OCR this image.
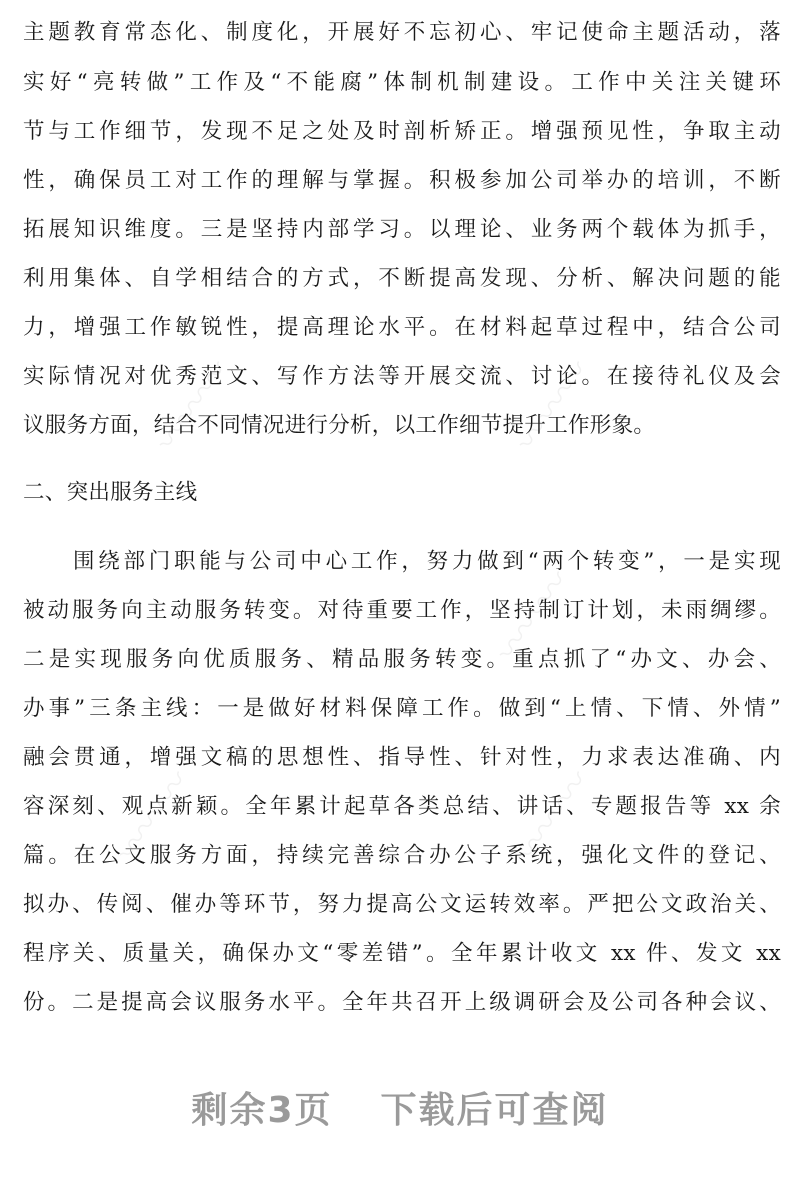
〰〰〰	〰〰〰
〰〰〰
〰〰〰	〰〰〰
主题教育常态化、制度化，开展好不忘初心、牢记使命主题活动，落
实好“亮转做”工作及“不能腐”体制机制建设。工作中关注关键环
节与工作细节，发现不足之处及时剖析矫正。增强预见性，争取主动
性，确保员工对工作的理解与掌握。积极参加公司举办的培训，不断
拓展知识维度。三是坚持内部学习。以理论、业务两个载体为抓手，
利用集体、自学相结合的方式，不断提高发现、分析、解决问题的能
力，增强工作敏锐性，提高理论水平。在材料起草过程中，结合公司
实际情况对优秀范文、写作方法等开展交流、讨论。在接待礼仪及会
议服务方面，结合不同情况进行分析，以工作细节提升工作形象。
二、突出服务主线
围绕部门职能与公司中心工作，努力做到“两个转变”，一是实现
被动服务向主动服务转变。对待重要工作，坚持制订计划，未雨绸缪。
二是实现服务向优质服务、精品服务转变。重点抓了“办文、办会、
办事”三条主线：一是做好材料保障工作。做到“上情、下情、外情”
融会贯通，增强文稿的思想性、指导性、针对性，力求表达准确、内
容深刻、观点新颖。全年累计起草各类总结、讲话、专题报告等 xx 余
篇。在公文服务方面，持续完善综合办公子系统，强化文件的登记、
拟办、传阅、催办等环节，努力提高公文运转效率。严把公文政治关、
程序关、质量关，确保办文“零差错”。全年累计收文 xx 件、发文 xx
份。二是提高会议服务水平。全年共召开上级调研会及公司各种会议、
剩余3页 下载后可查阅
